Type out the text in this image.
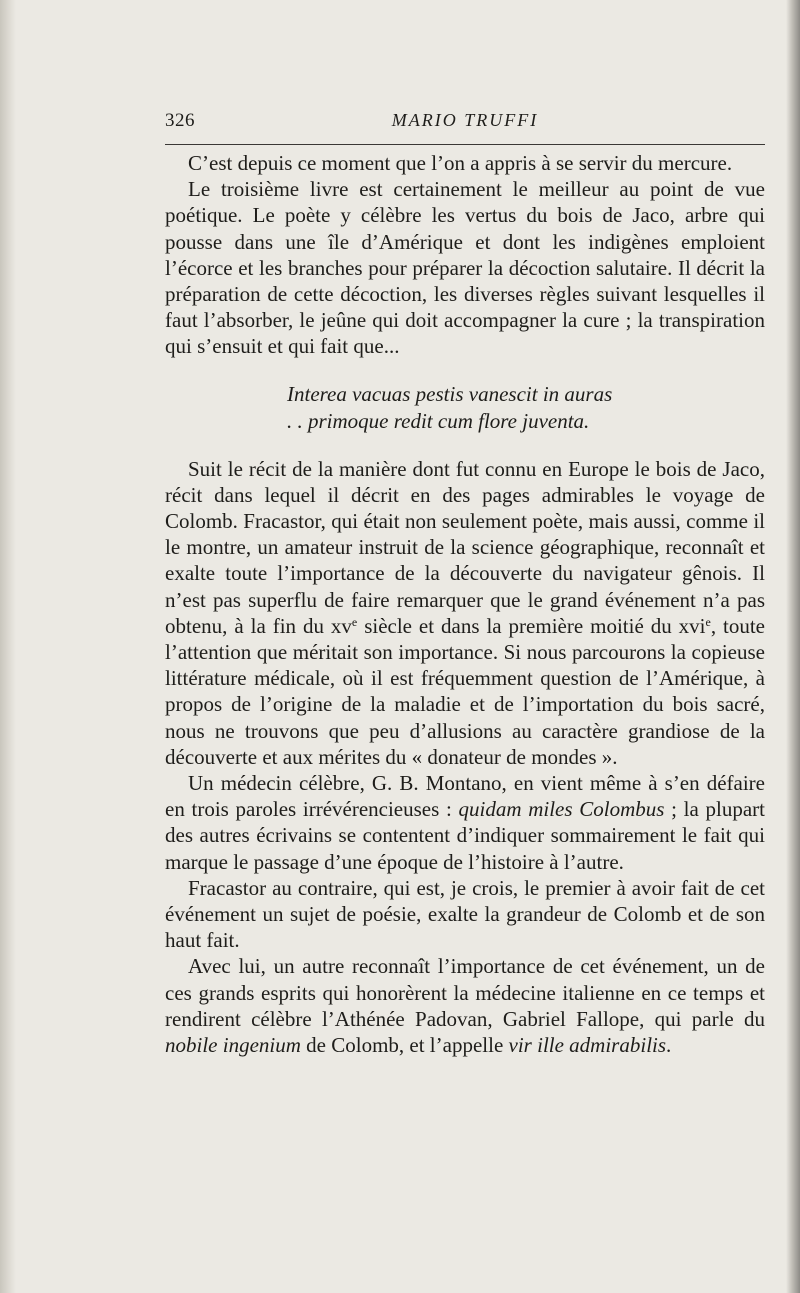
326	MARIO TRUFFI

C’est depuis ce moment que l’on a appris à se servir du mercure.

Le troisième livre est certainement le meilleur au point de vue poétique. Le poète y célèbre les vertus du bois de Jaco, arbre qui pousse dans une île d’Amérique et dont les indigènes emploient l’écorce et les branches pour préparer la décoction salutaire. Il décrit la préparation de cette décoction, les diverses règles suivant lesquelles il faut l’absorber, le jeûne qui doit accompagner la cure ; la transpiration qui s’ensuit et qui fait que...

Interea vacuas pestis vanescit in auras
. . primoque redit cum flore juventa.

Suit le récit de la manière dont fut connu en Europe le bois de Jaco, récit dans lequel il décrit en des pages admirables le voyage de Colomb. Fracastor, qui était non seulement poète, mais aussi, comme il le montre, un amateur instruit de la science géographique, reconnaît et exalte toute l’importance de la découverte du navigateur gênois. Il n’est pas superflu de faire remarquer que le grand événement n’a pas obtenu, à la fin du $xv^e$ siècle et dans la première moitié du xvi$^e$, toute l’attention que méritait son importance. Si nous parcourons la copieuse littérature médicale, où il est fréquemment question de l’Amérique, à propos de l’origine de la maladie et de l’importation du bois sacré, nous ne trouvons que peu d’allusions au caractère grandiose de la découverte et aux mérites du « donateur de mondes ».

Un médecin célèbre, G. B. Montano, en vient même à s’en défaire en trois paroles irrévérencieuses : quidam miles Colombus ; la plupart des autres écrivains se contentent d’indiquer sommairement le fait qui marque le passage d’une époque de l’histoire à l’autre.

Fracastor au contraire, qui est, je crois, le premier à avoir fait de cet événement un sujet de poésie, exalte la grandeur de Colomb et de son haut fait.

Avec lui, un autre reconnaît l’importance de cet événement, un de ces grands esprits qui honorèrent la médecine italienne en ce temps et rendirent célèbre l’Athénée Padovan, Gabriel Fallope, qui parle du nobile ingenium de Colomb, et l’appelle vir ille admirabilis.
